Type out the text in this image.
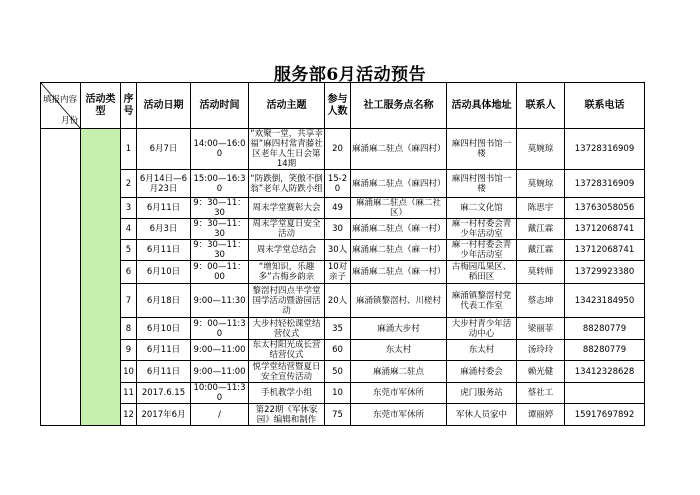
服务部6月活动预告
填报内容
月份	活动类型	序号	活动日期	活动时间	活动主题	参与人数	社工服务点名称	活动具体地址	联系人	联系电话
		1	6月7日	14:00—16:00	“欢聚一堂，共享幸福”麻四村常青藤社区老年人生日会第14期	20	麻涌麻二驻点（麻四村）	麻四村图书馆一楼	莫婉琼	13728316909
		2	6月14日—6月23日	15:00—16:30	“防跌倒，笑傲不倒翁”老年人防跌小组	15-20	麻涌麻二驻点（麻四村）	麻四村图书馆一楼	莫婉琼	13728316909
		3	6月11日	9：30—11：30	周末学堂赛彰大会	49	麻涌麻二驻点（麻二社区）	麻二文化馆	陈思宇	13763058056
		4	6月3日	9：30—11：30	周末学堂夏日安全活动	30	麻涌麻二驻点（麻一村）	麻一村村委会青少年活动室	戴江霖	13712068741
		5	6月11日	9：30—11：30	周末学堂总结会	30人	麻涌麻二驻点（麻一村）	麻一村村委会青少年活动室	戴江霖	13712068741
		6	6月10日	9：00—11：00	“增知识，乐趣多”古梅乡韵亲	10对亲子	麻涌麻二驻点（麻一村）	古梅园瓜果区、稻田区	莫转师	13729923380
		7	6月18日	9:00—11:30	黎滘村四点半学堂国学活动暨游园活动	20人	麻涌镇黎滘村、川槎村	麻涌镇黎滘村党代表工作室	蔡志坤	13423184950
		8	6月10日	9：00—11:30	大步村轻松课堂结营仪式	35	麻涌大步村	大步村青少年活动中心	梁丽菲	88280779
		9	6月11日	9:00—11:00	东太村阳光成长营结营仪式	60	东太村	东太村	汤玲玲	88280779
		10	6月11日	9:00—11:00	悦学堂结营暨夏日安全宣传活动	50	麻涌麻二驻点	麻涌村委会	赖光健	13412328628
		11	2017.6.15	10:00—11:30	手机教学小组	10	东莞市军休所	虎门服务站	蔡社工	
		12	2017年6月	/	第22期《军休家园》编辑和制作	75	东莞市军休所	军休人员家中	谭丽婷	15917697892
